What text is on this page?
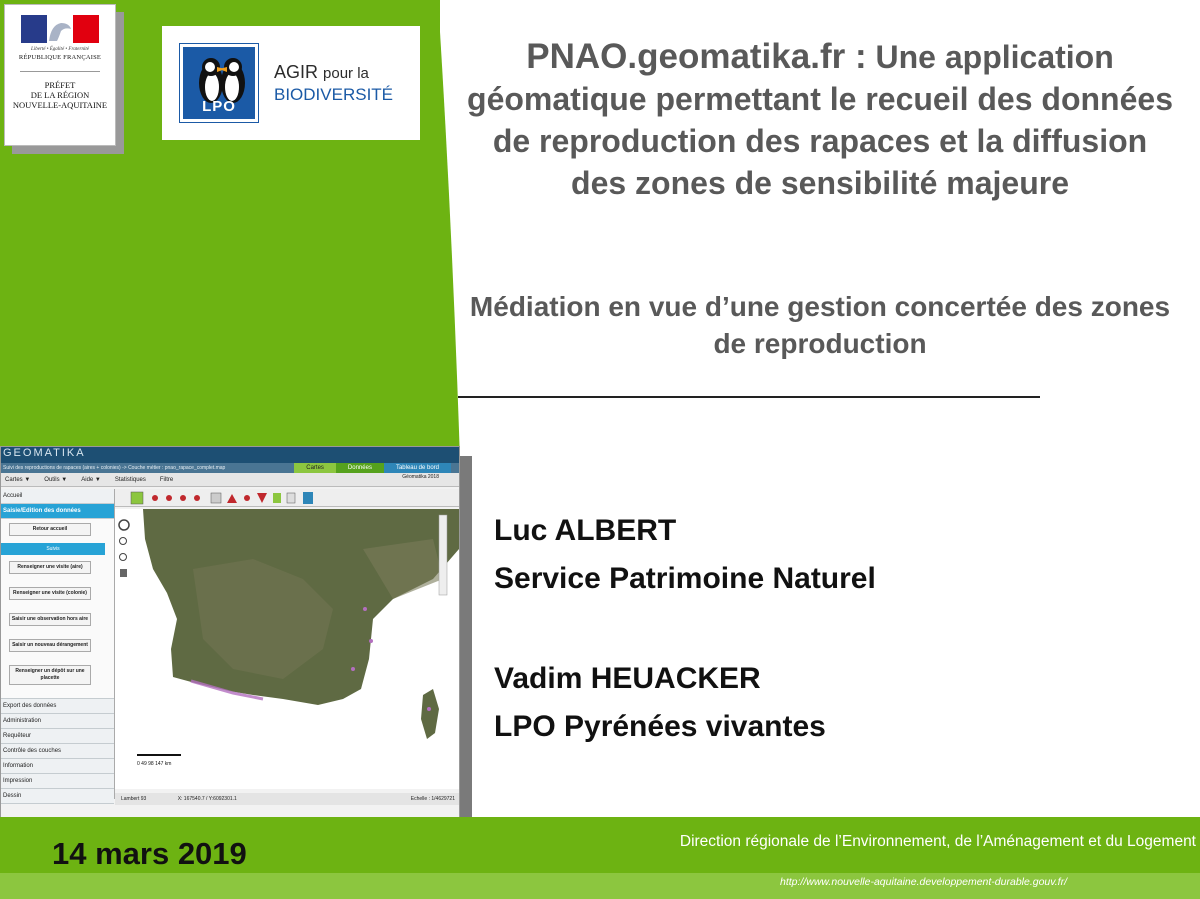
Liberté • Égalité • Fraternité
RÉPUBLIQUE FRANÇAISE
PRÉFET
DE LA RÉGION
NOUVELLE-AQUITAINE	LPO
AGIR pour la
BIODIVERSITÉ
PNAO.geomatika.fr : Une application géomatique permettant le recueil des données de reproduction des rapaces et la diffusion des zones de sensibilité majeure
Médiation en vue d’une gestion concertée des zones de reproduction
Luc ALBERT
Service Patrimoine Naturel
Vadim HEUACKER
LPO Pyrénées vivantes
GEOMATIKA
Suivi des reproductions de rapaces (aires + colonies) -> Couche métier : pnao_rapace_complet.map	Cartes	Données	Tableau de bord
Cartes ▼ Outils ▼ Aide ▼ Statistiques Filtre	Géomatika 2018
Accueil
Saisie/Edition des données
Retour accueil
Suivis
Renseigner une visite (aire)
Renseigner une visite (colonie)
Saisir une observation hors aire
Saisir un nouveau dérangement
Renseigner un dépôt sur une placette
Export des données
Administration
Requêteur
Contrôle des couches
Information
Impression
Dessin
0 49 98 147 km
Lambert 93	X: 167540.7 / Y:6092301.1	Echelle : 1/4629721
14 mars 2019	Direction régionale de l’Environnement, de l’Aménagement et du Logement
http://www.nouvelle-aquitaine.developpement-durable.gouv.fr/
